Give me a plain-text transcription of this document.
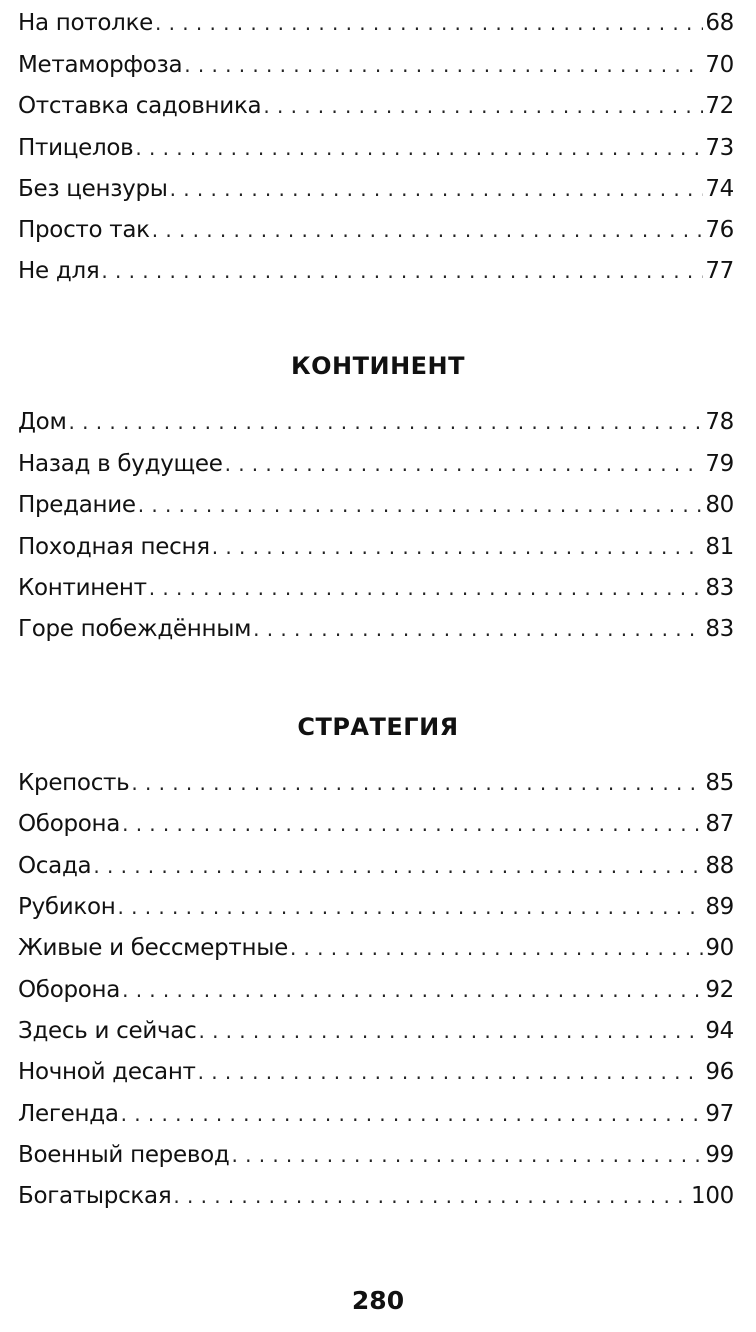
На потолке . . .	68
Метаморфоза . . .	70
Отставка садовника . . .	72
Птицелов . . .	73
Без цензуры . . .	74
Просто так . . .	76
Не для . . .	77
КОНТИНЕНТ
Дом . . .	78
Назад в будущее . . .	79
Предание . . .	80
Походная песня . . .	81
Континент . . .	83
Горе побеждённым . . .	83
СТРАТЕГИЯ
Крепость . . .	85
Оборона . . .	87
Осада . . .	88
Рубикон . . .	89
Живые и бессмертные . . .	90
Оборона . . .	92
Здесь и сейчас . . .	94
Ночной десант . . .	96
Легенда . . .	97
Военный перевод . . .	99
Богатырская . . .	100
280
